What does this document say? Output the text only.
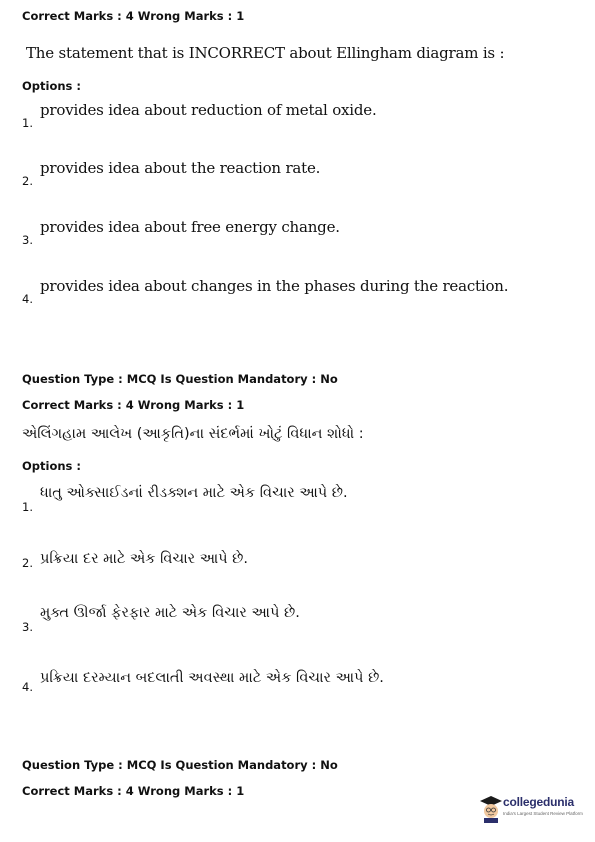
Correct Marks : 4 Wrong Marks : 1
The statement that is INCORRECT about Ellingham diagram is :
Options :
1.
provides idea about reduction of metal oxide.
2.
provides idea about the reaction rate.
3.
provides idea about free energy change.
4.
provides idea about changes in the phases during the reaction.
Question Type : MCQ Is Question Mandatory : No
Correct Marks : 4 Wrong Marks : 1
એલિંગહામ આલેખ (આકૃતિ)ના સંદર્ભમાં ખોટું વિધાન શોધો :
Options :
1.
ધાતુ ઓક્સાઈડનાં રીડક્શન માટે એક વિચાર આપે છે.
2. પ્રક્રિયા દર માટે એક વિચાર આપે છે.
3.
મુક્ત ઊર્જા ફેરફાર માટે એક વિચાર આપે છે.
4.
પ્રક્રિયા દરમ્યાન બદલાતી અવસ્થા માટે એક વિચાર આપે છે.
Question Type : MCQ Is Question Mandatory : No
Correct Marks : 4 Wrong Marks : 1
collegedunia
India's Largest Student Review Platform
